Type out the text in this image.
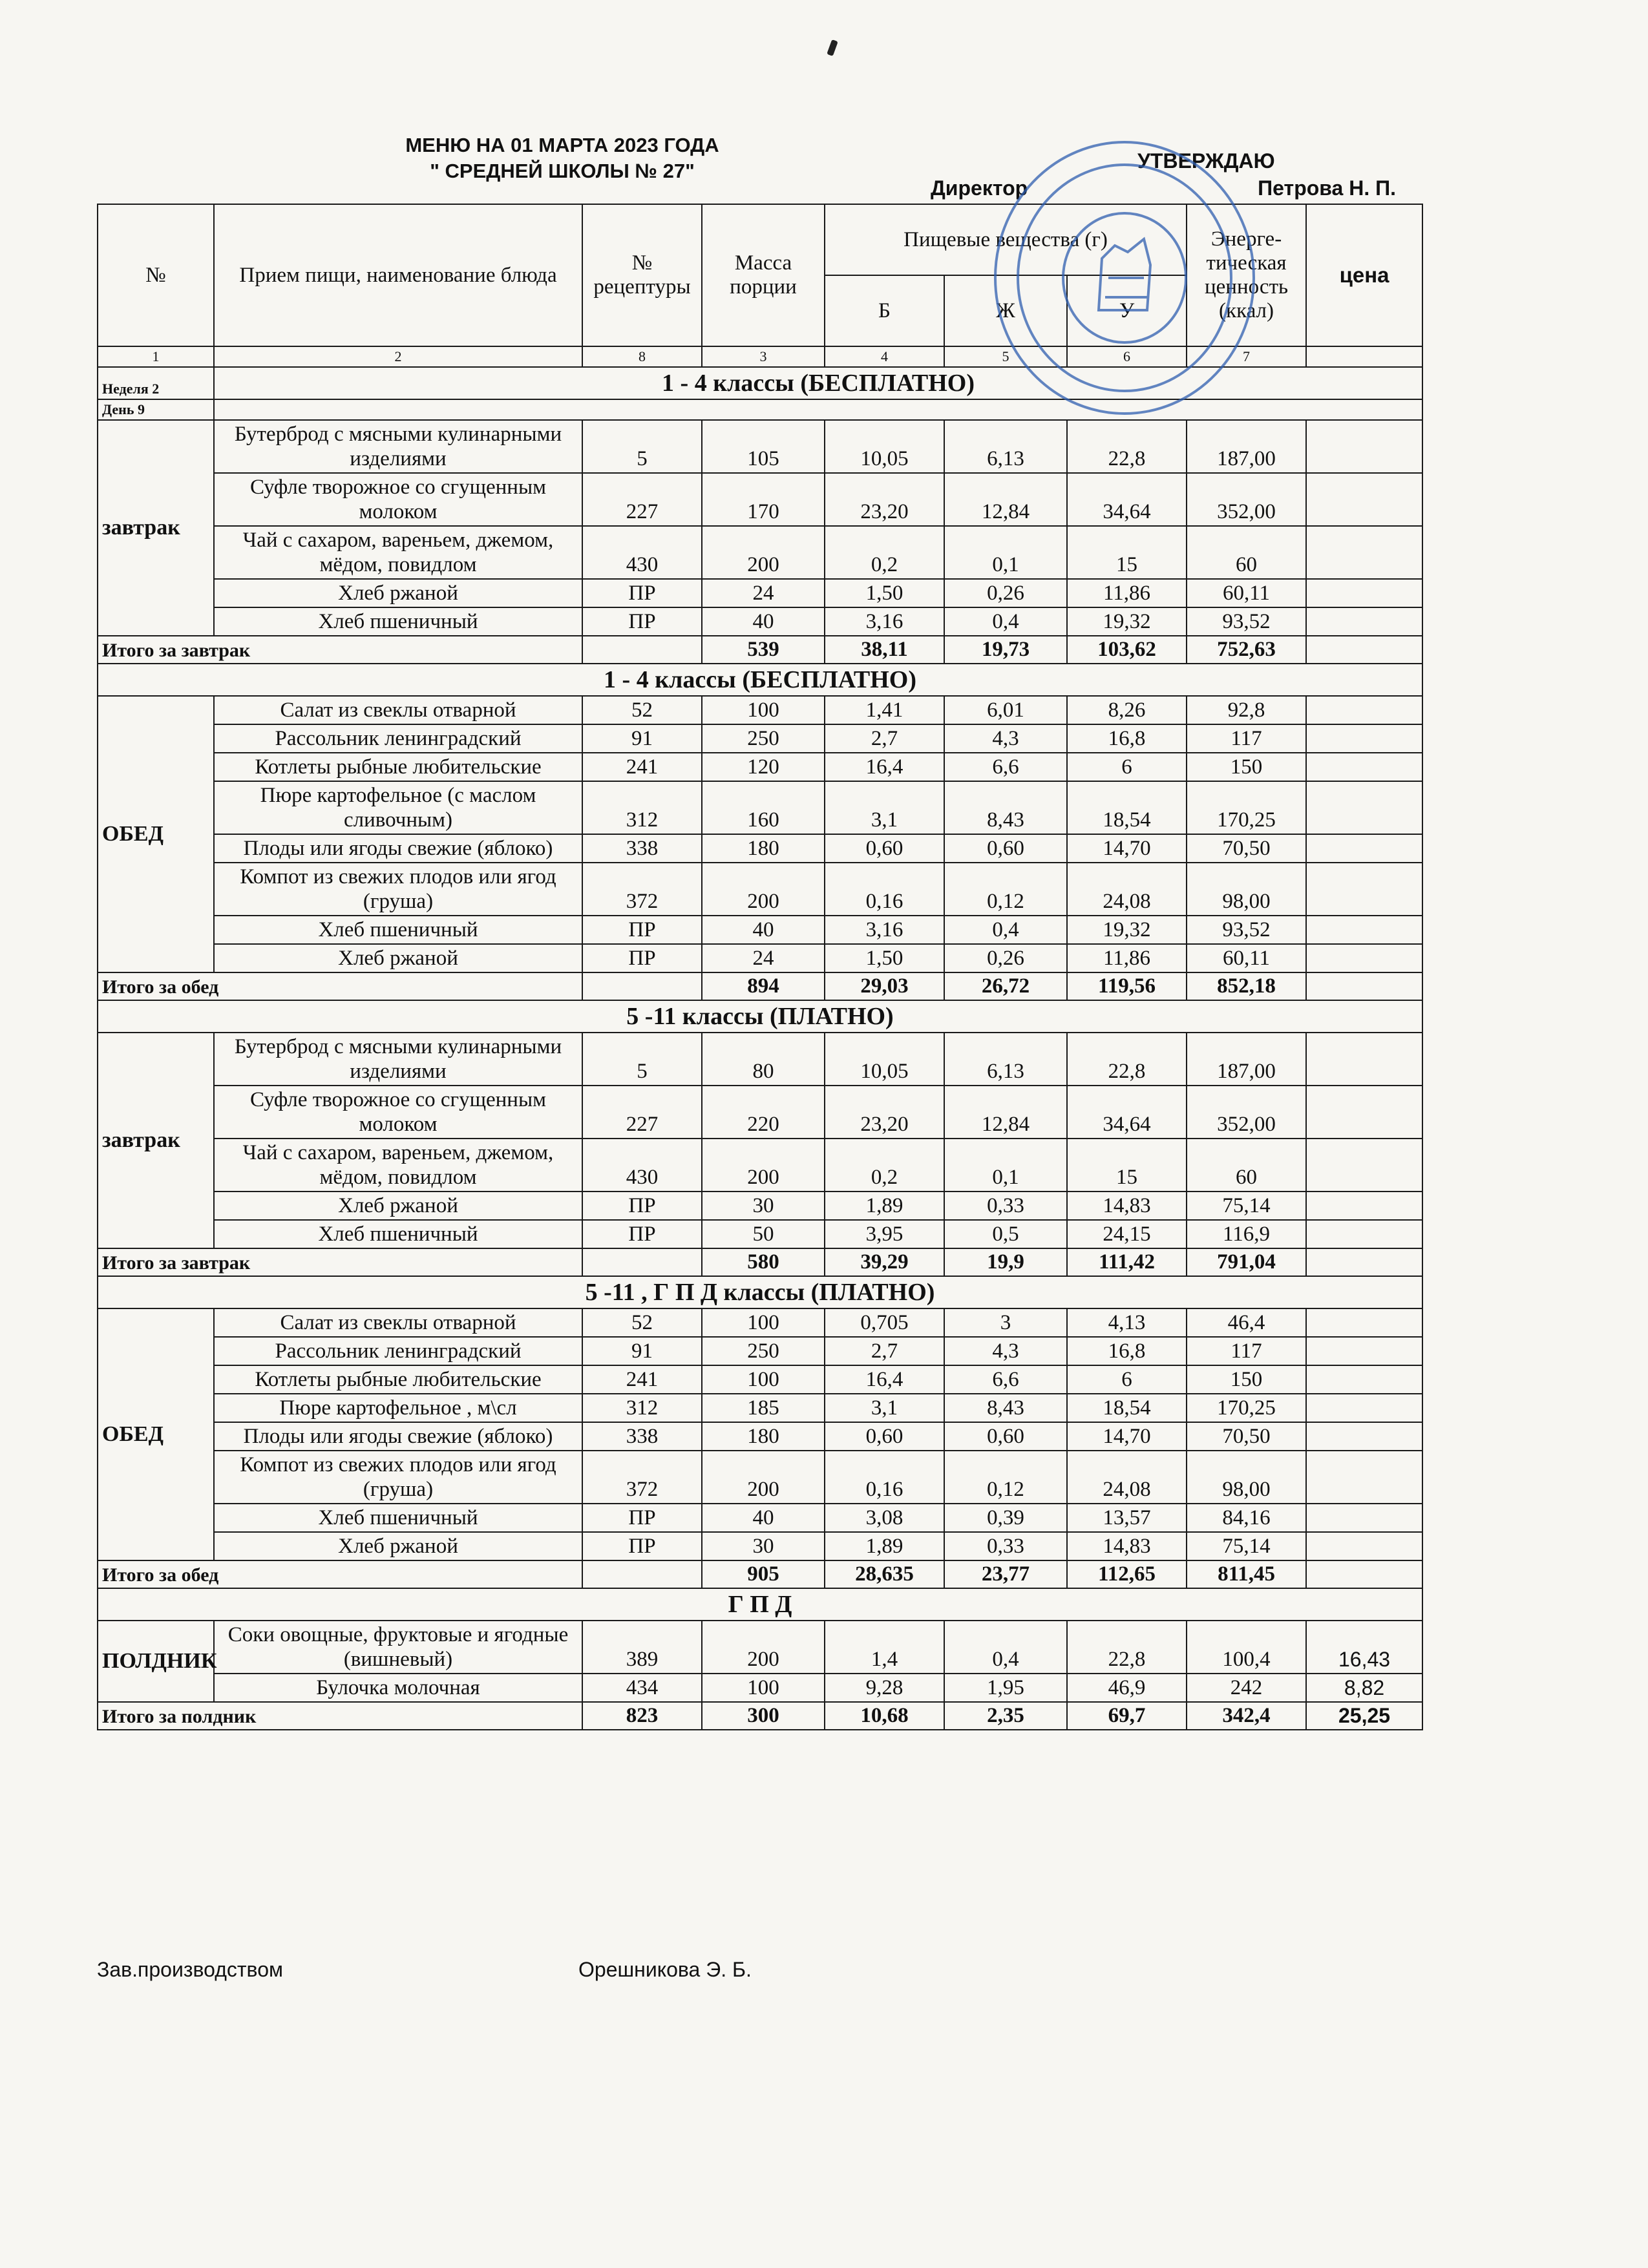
МЕНЮ НА 01 МАРТА 2023 ГОДА
" СРЕДНЕЙ ШКОЛЫ № 27"	УТВЕРЖДАЮ
Директор	Петрова Н. П.
№	Прием пищи, наименование блюда	№ рецептуры	Масса порции	Пищевые вещества (г)			Энерге-тическая ценность (ккал)	цена
				Б	Ж	У		
1	2	8	3	4	5	6	7	
Неделя 2	1 - 4 классы (БЕСПЛАТНО)							
День 9								
завтрак	Бутерброд с мясными кулинарными изделиями	5	105	10,05	6,13	22,8	187,00	
	Суфле творожное со сгущенным молоком	227	170	23,20	12,84	34,64	352,00	
	Чай с сахаром, вареньем, джемом, мёдом, повидлом	430	200	0,2	0,1	15	60	
	Хлеб ржаной	ПР	24	1,50	0,26	11,86	60,11	
	Хлеб пшеничный	ПР	40	3,16	0,4	19,32	93,52	
Итого за завтрак			539	38,11	19,73	103,62	752,63	
1 - 4 классы (БЕСПЛАТНО)								
ОБЕД	Салат из свеклы отварной	52	100	1,41	6,01	8,26	92,8	
	Рассольник ленинградский	91	250	2,7	4,3	16,8	117	
	Котлеты рыбные любительские	241	120	16,4	6,6	6	150	
	Пюре картофельное (с маслом сливочным)	312	160	3,1	8,43	18,54	170,25	
	Плоды или ягоды свежие (яблоко)	338	180	0,60	0,60	14,70	70,50	
	Компот из свежих плодов или ягод (груша)	372	200	0,16	0,12	24,08	98,00	
	Хлеб пшеничный	ПР	40	3,16	0,4	19,32	93,52	
	Хлеб ржаной	ПР	24	1,50	0,26	11,86	60,11	
Итого за обед			894	29,03	26,72	119,56	852,18	
5 -11 классы (ПЛАТНО)								
завтрак	Бутерброд с мясными кулинарными изделиями	5	80	10,05	6,13	22,8	187,00	
	Суфле творожное со сгущенным молоком	227	220	23,20	12,84	34,64	352,00	
	Чай с сахаром, вареньем, джемом, мёдом, повидлом	430	200	0,2	0,1	15	60	
	Хлеб ржаной	ПР	30	1,89	0,33	14,83	75,14	
	Хлеб пшеничный	ПР	50	3,95	0,5	24,15	116,9	
Итого за завтрак			580	39,29	19,9	111,42	791,04	
5 -11 , Г П Д классы (ПЛАТНО)								
ОБЕД	Салат из свеклы отварной	52	100	0,705	3	4,13	46,4	
	Рассольник ленинградский	91	250	2,7	4,3	16,8	117	
	Котлеты рыбные любительские	241	100	16,4	6,6	6	150	
	Пюре картофельное , м\сл	312	185	3,1	8,43	18,54	170,25	
	Плоды или ягоды свежие (яблоко)	338	180	0,60	0,60	14,70	70,50	
	Компот из свежих плодов или ягод (груша)	372	200	0,16	0,12	24,08	98,00	
	Хлеб пшеничный	ПР	40	3,08	0,39	13,57	84,16	
	Хлеб ржаной	ПР	30	1,89	0,33	14,83	75,14	
Итого за обед			905	28,635	23,77	112,65	811,45	
Г П Д								
ПОЛДНИК	Соки овощные, фруктовые и ягодные (вишневый)	389	200	1,4	0,4	22,8	100,4	16,43
	Булочка молочная	434	100	9,28	1,95	46,9	242	8,82
Итого за полдник		823	300	10,68	2,35	69,7	342,4	25,25
Зав.производством	Орешникова Э. Б.
